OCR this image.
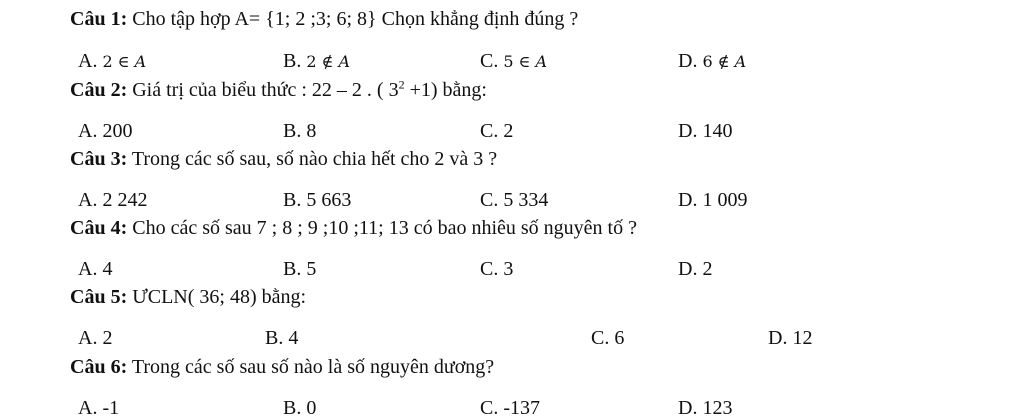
Câu 1: Cho tập hợp A= {1; 2 ;3; 6; 8} Chọn khẳng định đúng ?
A. 2 ∈ A	B. 2 ∉ A	C. 5 ∈ A	D. 6 ∉ A
Câu 2: Giá trị của biểu thức : 22 – 2 . ( $3^2 +1$) bằng:
A. 200	B. 8	C. 2	D. 140
Câu 3: Trong các số sau, số nào chia hết cho 2 và 3 ?
A. 2 242	B. 5 663	C. 5 334	D. 1 009
Câu 4: Cho các số sau 7 ; 8 ; 9 ;10 ;11; 13 có bao nhiêu số nguyên tố ?
A. 4	B. 5	C. 3	D. 2
Câu 5: ƯCLN( 36; 48) bằng:
A. 2	B. 4	C. 6	D. 12
Câu 6: Trong các số sau số nào là số nguyên dương?
A. -1	B. 0	C. -137	D. 123
